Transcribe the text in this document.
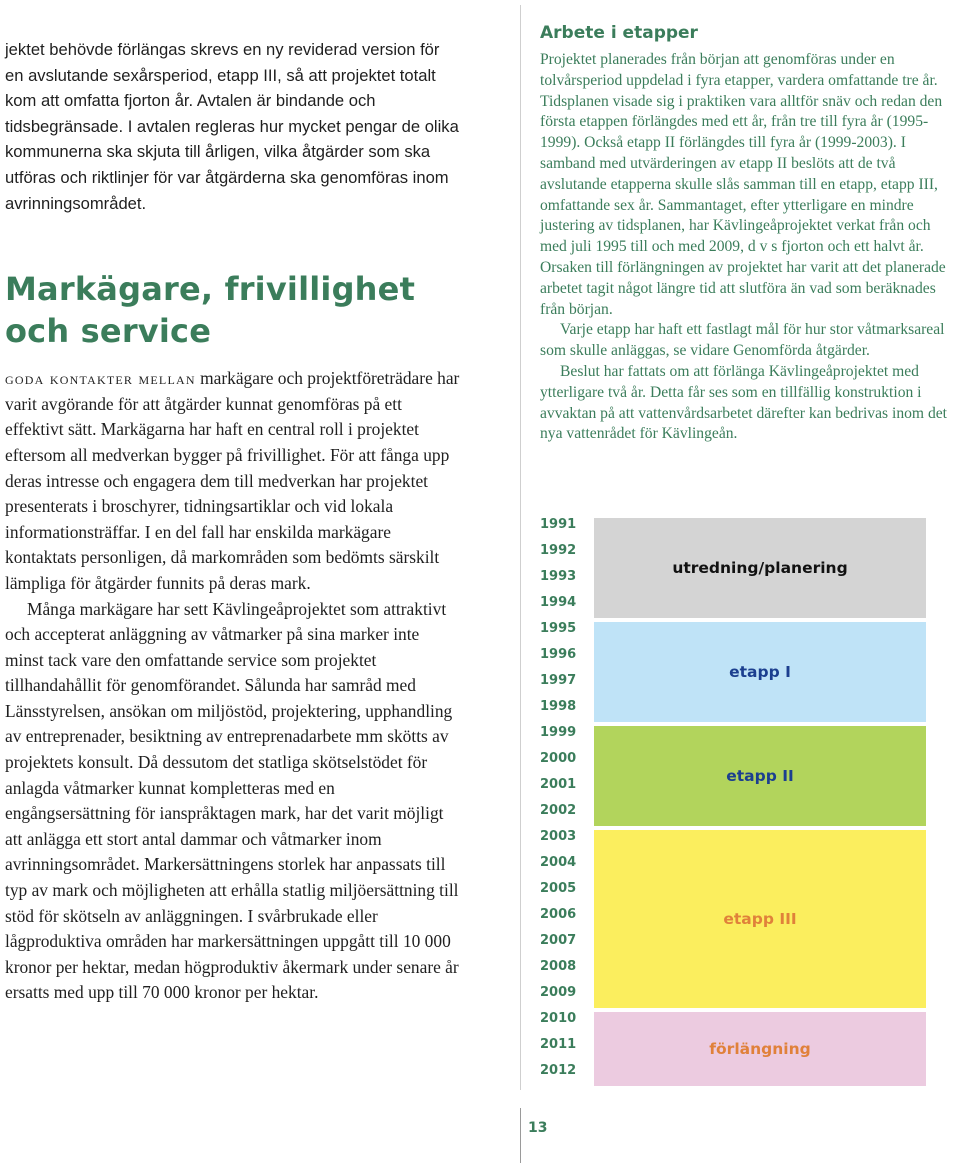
jektet behövde förlängas skrevs en ny reviderad version för en avslutande sexårsperiod, etapp III, så att projektet totalt kom att omfatta fjorton år. Avtalen är bindande och tidsbegränsade. I avtalen regleras hur mycket pengar de olika kommunerna ska skjuta till årligen, vilka åtgärder som ska utföras och riktlinjer för var åtgärderna ska genomföras inom avrinningsområdet.

Markägare, frivillighet och service

goda kontakter mellan markägare och projektföreträdare har varit avgörande för att åtgärder kunnat genomföras på ett effektivt sätt. Markägarna har haft en central roll i projektet eftersom all medverkan bygger på frivillighet. För att fånga upp deras intresse och engagera dem till medverkan har projektet presenterats i broschyrer, tidningsartiklar och vid lokala informationsträffar. I en del fall har enskilda markägare kontaktats personligen, då markområden som bedömts särskilt lämpliga för åtgärder funnits på deras mark.

Många markägare har sett Kävlingeåprojektet som attraktivt och accepterat anläggning av våtmarker på sina marker inte minst tack vare den omfattande service som projektet tillhandahållit för genomförandet. Sålunda har samråd med Länsstyrelsen, ansökan om miljöstöd, projektering, upphandling av entreprenader, besiktning av entreprenadarbete mm skötts av projektets konsult. Då dessutom det statliga skötselstödet för anlagda våtmarker kunnat kompletteras med en engångsersättning för ianspråktagen mark, har det varit möjligt att anlägga ett stort antal dammar och våtmarker inom avrinningsområdet. Markersättningens storlek har anpassats till typ av mark och möjligheten att erhålla statlig miljöersättning till stöd för skötseln av anläggningen. I svårbrukade eller lågproduktiva områden har markersättningen uppgått till 10 000 kronor per hektar, medan högproduktiv åkermark under senare år ersatts med upp till 70 000 kronor per hektar.

13
Arbete i etapper

Projektet planerades från början att genomföras under en tolvårsperiod uppdelad i fyra etapper, vardera omfattande tre år. Tidsplanen visade sig i praktiken vara alltför snäv och redan den första etappen förlängdes med ett år, från tre till fyra år (1995-1999). Också etapp II förlängdes till fyra år (1999-2003). I samband med utvärderingen av etapp II beslöts att de två avslutande etapperna skulle slås samman till en etapp, etapp III, omfattande sex år. Sammantaget, efter ytterligare en mindre justering av tidsplanen, har Kävlingeåprojektet verkat från och med juli 1995 till och med 2009, d v s fjorton och ett halvt år. Orsaken till förlängningen av projektet har varit att det planerade arbetet tagit något längre tid att slutföra än vad som beräknades från början.

Varje etapp har haft ett fastlagt mål för hur stor våtmarksareal som skulle anläggas, se vidare Genomförda åtgärder.

Beslut har fattats om att förlänga Kävlingeåprojektet med ytterligare två år. Detta får ses som en tillfällig konstruktion i avvaktan på att vattenvårdsarbetet därefter kan bedrivas inom det nya vattenrådet för Kävlingeån.

1991
1992
1993
1994
1995
1996
1997
1998
1999
2000
2001
2002
2003
2004
2005
2006
2007
2008
2009
2010
2011
2012
utredning/planering
etapp I
etapp II
etapp III
förlängning
